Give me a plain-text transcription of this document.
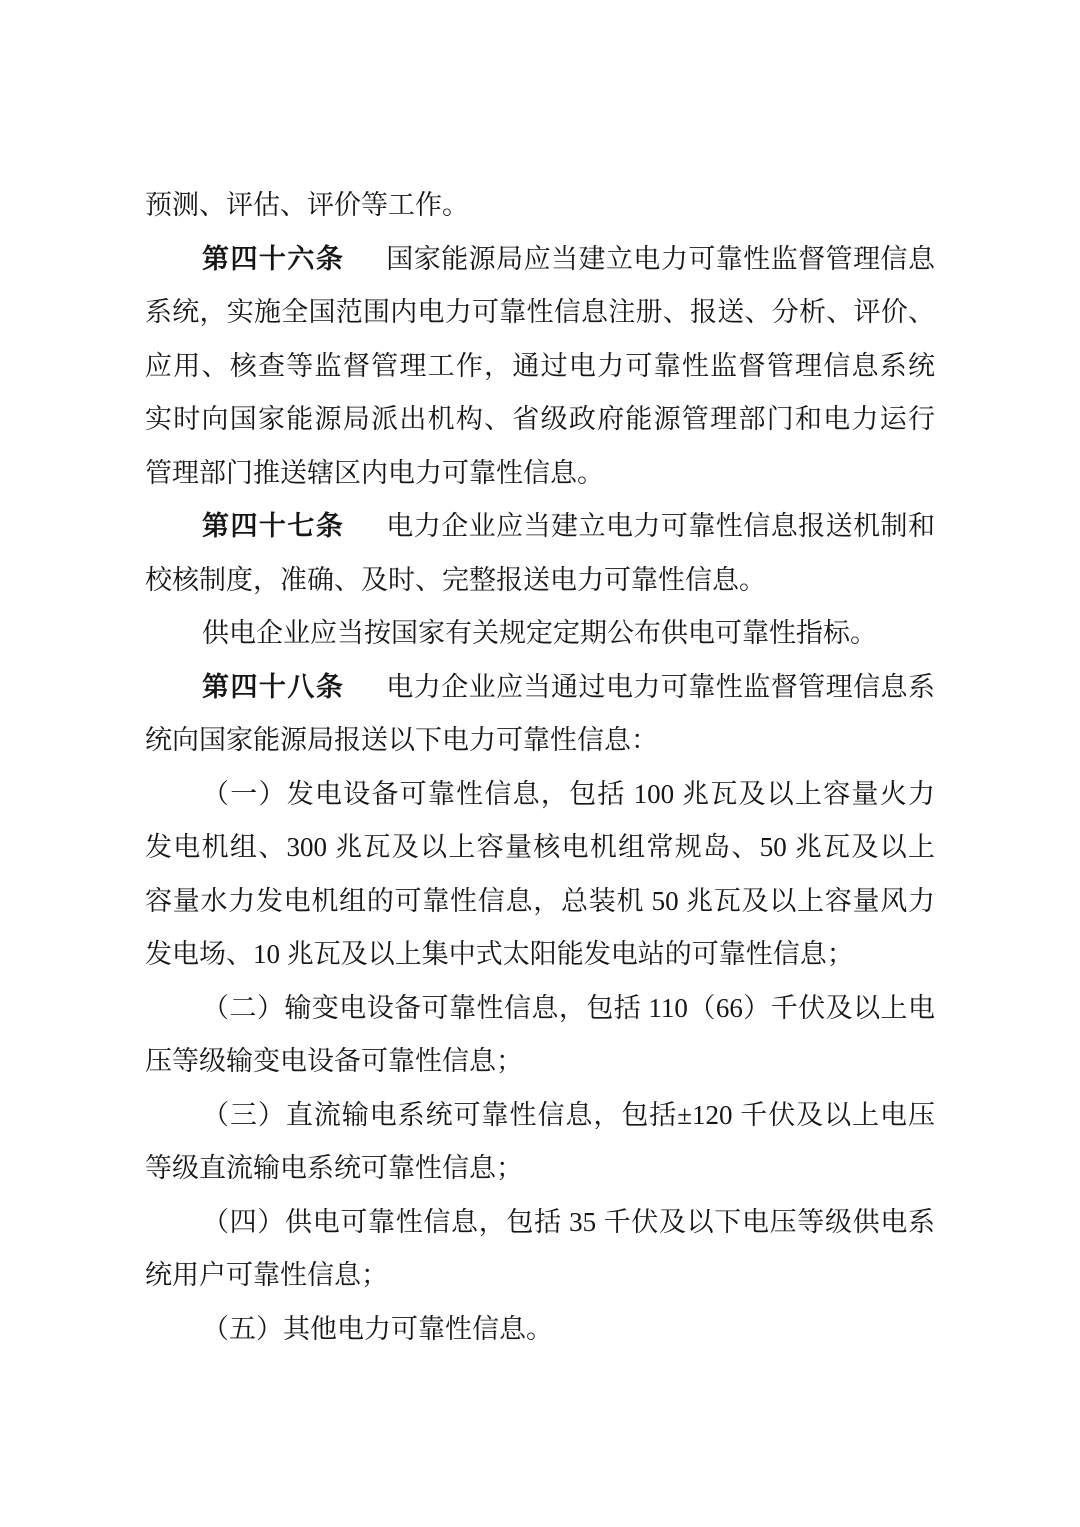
预测、评估、评价等工作。
第四十六条 国家能源局应当建立电力可靠性监督管理信息
系统，实施全国范围内电力可靠性信息注册、报送、分析、评价、
应用、核查等监督管理工作，通过电力可靠性监督管理信息系统
实时向国家能源局派出机构、省级政府能源管理部门和电力运行
管理部门推送辖区内电力可靠性信息。
第四十七条 电力企业应当建立电力可靠性信息报送机制和
校核制度，准确、及时、完整报送电力可靠性信息。
供电企业应当按国家有关规定定期公布供电可靠性指标。
第四十八条 电力企业应当通过电力可靠性监督管理信息系
统向国家能源局报送以下电力可靠性信息：
（一）发电设备可靠性信息，包括 100 兆瓦及以上容量火力
发电机组、300 兆瓦及以上容量核电机组常规岛、50 兆瓦及以上
容量水力发电机组的可靠性信息，总装机 50 兆瓦及以上容量风力
发电场、10 兆瓦及以上集中式太阳能发电站的可靠性信息；
（二）输变电设备可靠性信息，包括 110（66）千伏及以上电
压等级输变电设备可靠性信息；
（三）直流输电系统可靠性信息，包括±120 千伏及以上电压
等级直流输电系统可靠性信息；
（四）供电可靠性信息，包括 35 千伏及以下电压等级供电系
统用户可靠性信息；
（五）其他电力可靠性信息。
